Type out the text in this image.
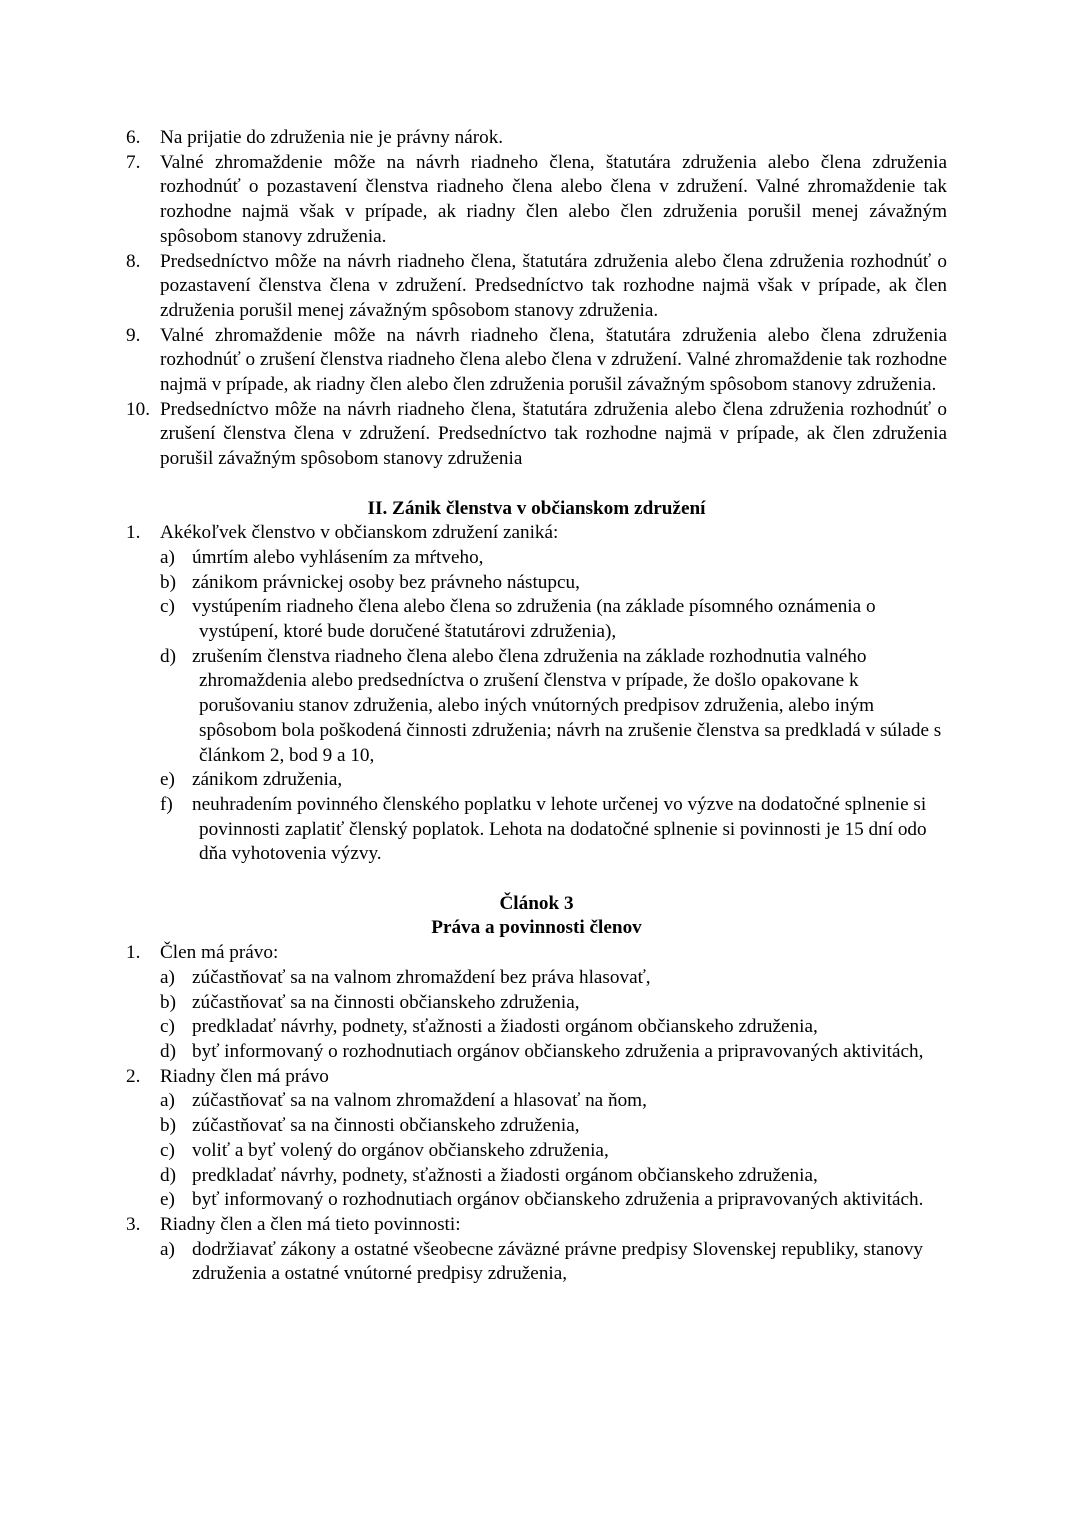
6.	Na prijatie do združenia nie je právny nárok.
7.	Valné zhromaždenie môže na návrh riadneho člena, štatutára združenia alebo člena združenia rozhodnúť o pozastavení členstva riadneho člena alebo člena v združení. Valné zhromaždenie tak rozhodne najmä však v prípade, ak riadny člen alebo člen združenia porušil menej závažným spôsobom stanovy združenia.
8.	Predsedníctvo môže na návrh riadneho člena, štatutára združenia alebo člena združenia rozhodnúť o pozastavení členstva člena v združení. Predsedníctvo tak rozhodne najmä však v prípade, ak člen združenia porušil menej závažným spôsobom stanovy združenia.
9.	Valné zhromaždenie môže na návrh riadneho člena, štatutára združenia alebo člena združenia rozhodnúť o zrušení členstva riadneho člena alebo člena v združení. Valné zhromaždenie tak rozhodne najmä v prípade, ak riadny člen alebo člen združenia porušil závažným spôsobom stanovy združenia.
10. Predsedníctvo môže na návrh riadneho člena, štatutára združenia alebo člena združenia rozhodnúť o zrušení členstva člena v združení. Predsedníctvo tak rozhodne najmä v prípade, ak člen združenia porušil závažným spôsobom stanovy združenia
II. Zánik členstva v občianskom združení
1.	Akékoľvek členstvo v občianskom združení zaniká:
a) úmrtím alebo vyhlásením za mŕtveho,
b) zánikom právnickej osoby bez právneho nástupcu,
c) vystúpením riadneho člena alebo člena so združenia (na základe písomného oznámenia o vystúpení, ktoré bude doručené štatutárovi združenia),
d) zrušením členstva riadneho člena alebo člena združenia na základe rozhodnutia valného zhromaždenia alebo predsedníctva o zrušení členstva v prípade, že došlo opakovane k porušovaniu stanov združenia, alebo iných vnútorných predpisov združenia, alebo iným spôsobom bola poškodená činnosti združenia; návrh na zrušenie členstva sa predkladá v súlade s článkom 2, bod 9 a 10,
e) zánikom združenia,
f)	neuhradením povinného členského poplatku v lehote určenej vo výzve na dodatočné splnenie si povinnosti zaplatiť členský poplatok. Lehota na dodatočné splnenie si povinnosti je 15 dní odo dňa vyhotovenia výzvy.
Článok 3
Práva a povinnosti členov
1.	Člen má právo:
a) zúčastňovať sa na valnom zhromaždení bez práva hlasovať,
b) zúčastňovať sa na činnosti občianskeho združenia,
c) predkladať návrhy, podnety, sťažnosti a žiadosti orgánom občianskeho združenia,
d) byť informovaný o rozhodnutiach orgánov občianskeho združenia a pripravovaných aktivitách,
2.	Riadny člen má právo
a) zúčastňovať sa na valnom zhromaždení a hlasovať na ňom,
b) zúčastňovať sa na činnosti občianskeho združenia,
c) voliť a byť volený do orgánov občianskeho združenia,
d) predkladať návrhy, podnety, sťažnosti a žiadosti orgánom občianskeho združenia,
e) byť informovaný o rozhodnutiach orgánov občianskeho združenia a pripravovaných aktivitách.
3.	Riadny člen a člen má tieto povinnosti:
a) dodržiavať zákony a ostatné všeobecne záväzné právne predpisy Slovenskej republiky, stanovy združenia a ostatné vnútorné predpisy združenia,
